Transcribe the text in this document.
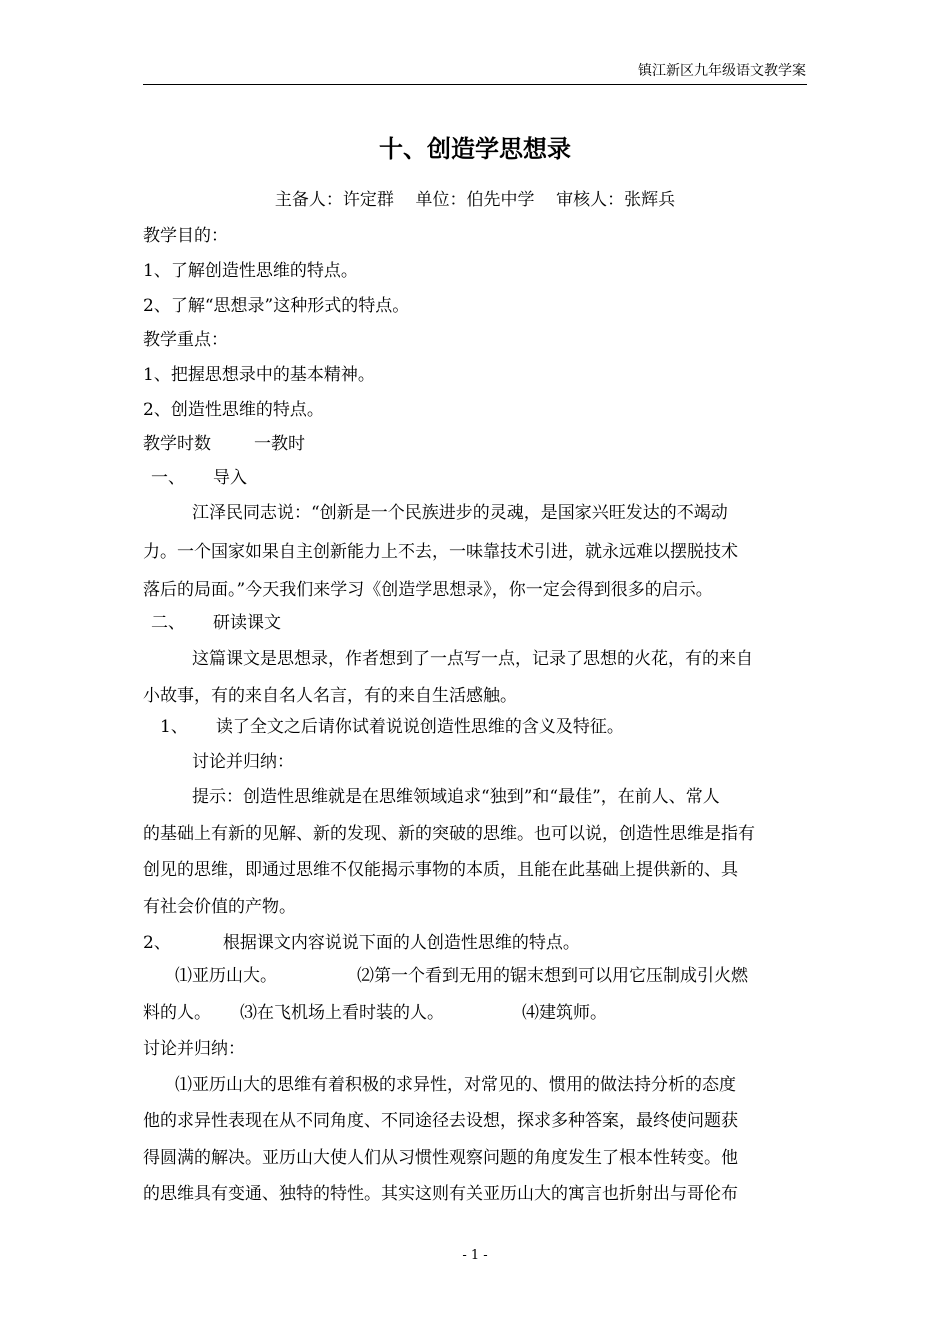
镇江新区九年级语文教学案
十、创造学思想录
主备人：许定群    单位：伯先中学    审核人：张辉兵
教学目的：
1、了解创造性思维的特点。
2、了解“思想录”这种形式的特点。
教学重点：
1、把握思想录中的基本精神。
2、创造性思维的特点。
教学时数	一教时
一、 导入
江泽民同志说：“创新是一个民族进步的灵魂，是国家兴旺发达的不竭动
力。一个国家如果自主创新能力上不去，一味靠技术引进，就永远难以摆脱技术
落后的局面。”今天我们来学习《创造学思想录》，你一定会得到很多的启示。
二、 研读课文
这篇课文是思想录，作者想到了一点写一点，记录了思想的火花，有的来自
小故事，有的来自名人名言，有的来自生活感触。
1、 读了全文之后请你试着说说创造性思维的含义及特征。
讨论并归纳：
提示：创造性思维就是在思维领域追求“独到”和“最佳”，在前人、常人
的基础上有新的见解、新的发现、新的突破的思维。也可以说，创造性思维是指有
创见的思维，即通过思维不仅能揭示事物的本质，且能在此基础上提供新的、具
有社会价值的产物。
2、	根据课文内容说说下面的人创造性思维的特点。
⑴亚历山大。	⑵第一个看到无用的锯末想到可以用它压制成引火燃
料的人。 ⑶在飞机场上看时装的人。	⑷建筑师。
讨论并归纳：
⑴亚历山大的思维有着积极的求异性，对常见的、惯用的做法持分析的态度
他的求异性表现在从不同角度、不同途径去设想，探求多种答案，最终使问题获
得圆满的解决。亚历山大使人们从习惯性观察问题的角度发生了根本性转变。他
的思维具有变通、独特的特性。其实这则有关亚历山大的寓言也折射出与哥伦布
- 1 -
